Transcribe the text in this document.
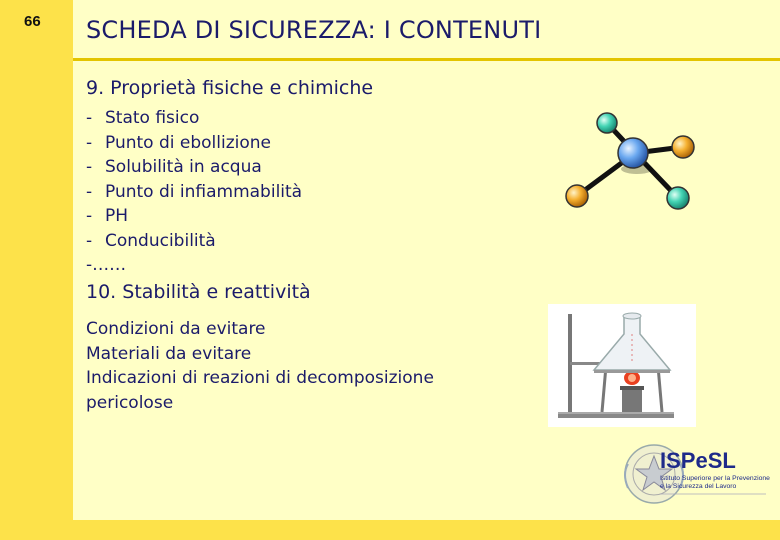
66 SCHEDA DI SICUREZZA: I CONTENUTI
9. Proprietà fisiche e chimiche
- Stato fisico
- Punto di ebollizione
- Solubilità in acqua
- Punto di infiammabilità
- PH
- Conducibilità
-……
10. Stabilità e reattività
Condizioni da evitare
Materiali da evitare
Indicazioni di reazioni di decomposizione
pericolose
ISPeSL
Istituto Superiore per la Prevenzione
e la Sicurezza del Lavoro
